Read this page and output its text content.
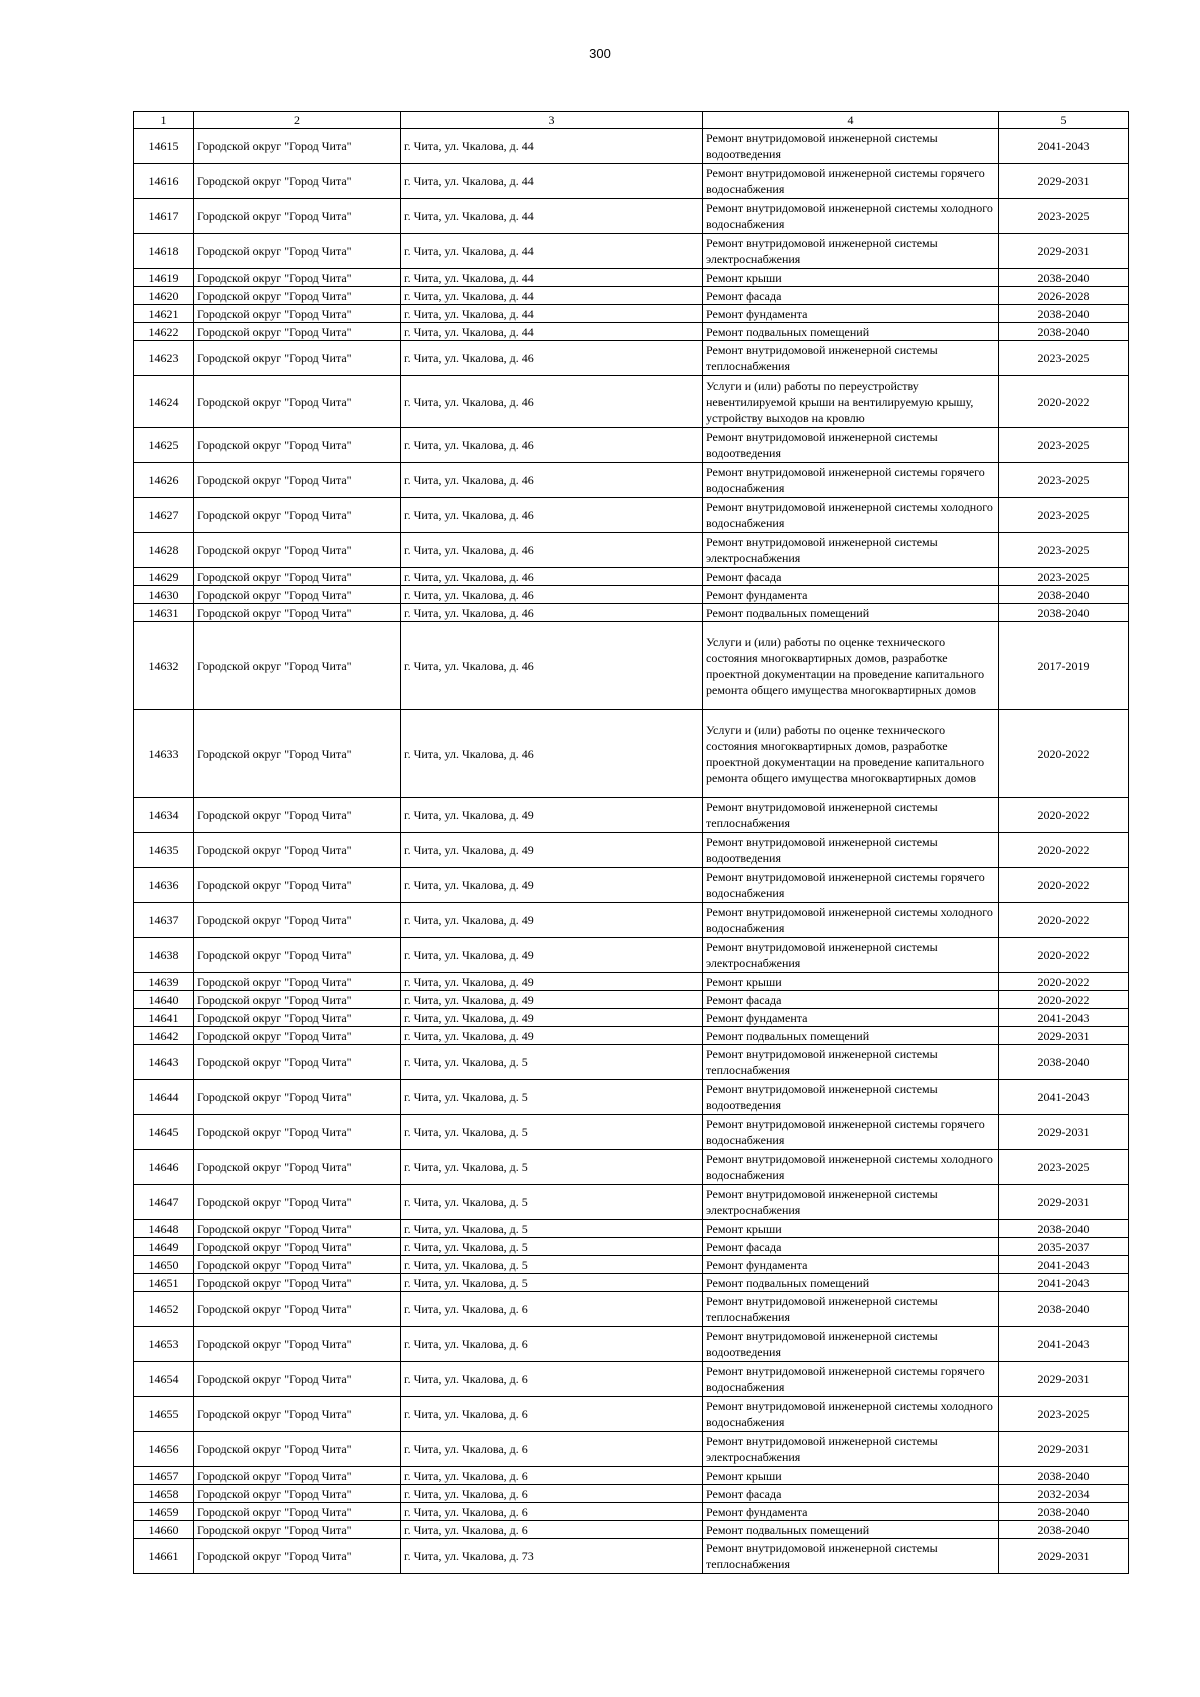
300
1	2	3	4	5
14615	Городской округ "Город Чита"	г. Чита, ул. Чкалова, д. 44	Ремонт внутридомовой инженерной системы водоотведения	2041-2043
14616	Городской округ "Город Чита"	г. Чита, ул. Чкалова, д. 44	Ремонт внутридомовой инженерной системы горячего водоснабжения	2029-2031
14617	Городской округ "Город Чита"	г. Чита, ул. Чкалова, д. 44	Ремонт внутридомовой инженерной системы холодного водоснабжения	2023-2025
14618	Городской округ "Город Чита"	г. Чита, ул. Чкалова, д. 44	Ремонт внутридомовой инженерной системы электроснабжения	2029-2031
14619	Городской округ "Город Чита"	г. Чита, ул. Чкалова, д. 44	Ремонт крыши	2038-2040
14620	Городской округ "Город Чита"	г. Чита, ул. Чкалова, д. 44	Ремонт фасада	2026-2028
14621	Городской округ "Город Чита"	г. Чита, ул. Чкалова, д. 44	Ремонт фундамента	2038-2040
14622	Городской округ "Город Чита"	г. Чита, ул. Чкалова, д. 44	Ремонт подвальных помещений	2038-2040
14623	Городской округ "Город Чита"	г. Чита, ул. Чкалова, д. 46	Ремонт внутридомовой инженерной системы теплоснабжения	2023-2025
14624	Городской округ "Город Чита"	г. Чита, ул. Чкалова, д. 46	Услуги и (или) работы по переустройству невентилируемой крыши на вентилируемую крышу, устройству выходов на кровлю	2020-2022
14625	Городской округ "Город Чита"	г. Чита, ул. Чкалова, д. 46	Ремонт внутридомовой инженерной системы водоотведения	2023-2025
14626	Городской округ "Город Чита"	г. Чита, ул. Чкалова, д. 46	Ремонт внутридомовой инженерной системы горячего водоснабжения	2023-2025
14627	Городской округ "Город Чита"	г. Чита, ул. Чкалова, д. 46	Ремонт внутридомовой инженерной системы холодного водоснабжения	2023-2025
14628	Городской округ "Город Чита"	г. Чита, ул. Чкалова, д. 46	Ремонт внутридомовой инженерной системы электроснабжения	2023-2025
14629	Городской округ "Город Чита"	г. Чита, ул. Чкалова, д. 46	Ремонт фасада	2023-2025
14630	Городской округ "Город Чита"	г. Чита, ул. Чкалова, д. 46	Ремонт фундамента	2038-2040
14631	Городской округ "Город Чита"	г. Чита, ул. Чкалова, д. 46	Ремонт подвальных помещений	2038-2040
14632	Городской округ "Город Чита"	г. Чита, ул. Чкалова, д. 46	Услуги и (или) работы по оценке технического состояния многоквартирных домов, разработке проектной документации на проведение капитального ремонта общего имущества многоквартирных домов	2017-2019
14633	Городской округ "Город Чита"	г. Чита, ул. Чкалова, д. 46	Услуги и (или) работы по оценке технического состояния многоквартирных домов, разработке проектной документации на проведение капитального ремонта общего имущества многоквартирных домов	2020-2022
14634	Городской округ "Город Чита"	г. Чита, ул. Чкалова, д. 49	Ремонт внутридомовой инженерной системы теплоснабжения	2020-2022
14635	Городской округ "Город Чита"	г. Чита, ул. Чкалова, д. 49	Ремонт внутридомовой инженерной системы водоотведения	2020-2022
14636	Городской округ "Город Чита"	г. Чита, ул. Чкалова, д. 49	Ремонт внутридомовой инженерной системы горячего водоснабжения	2020-2022
14637	Городской округ "Город Чита"	г. Чита, ул. Чкалова, д. 49	Ремонт внутридомовой инженерной системы холодного водоснабжения	2020-2022
14638	Городской округ "Город Чита"	г. Чита, ул. Чкалова, д. 49	Ремонт внутридомовой инженерной системы электроснабжения	2020-2022
14639	Городской округ "Город Чита"	г. Чита, ул. Чкалова, д. 49	Ремонт крыши	2020-2022
14640	Городской округ "Город Чита"	г. Чита, ул. Чкалова, д. 49	Ремонт фасада	2020-2022
14641	Городской округ "Город Чита"	г. Чита, ул. Чкалова, д. 49	Ремонт фундамента	2041-2043
14642	Городской округ "Город Чита"	г. Чита, ул. Чкалова, д. 49	Ремонт подвальных помещений	2029-2031
14643	Городской округ "Город Чита"	г. Чита, ул. Чкалова, д. 5	Ремонт внутридомовой инженерной системы теплоснабжения	2038-2040
14644	Городской округ "Город Чита"	г. Чита, ул. Чкалова, д. 5	Ремонт внутридомовой инженерной системы водоотведения	2041-2043
14645	Городской округ "Город Чита"	г. Чита, ул. Чкалова, д. 5	Ремонт внутридомовой инженерной системы горячего водоснабжения	2029-2031
14646	Городской округ "Город Чита"	г. Чита, ул. Чкалова, д. 5	Ремонт внутридомовой инженерной системы холодного водоснабжения	2023-2025
14647	Городской округ "Город Чита"	г. Чита, ул. Чкалова, д. 5	Ремонт внутридомовой инженерной системы электроснабжения	2029-2031
14648	Городской округ "Город Чита"	г. Чита, ул. Чкалова, д. 5	Ремонт крыши	2038-2040
14649	Городской округ "Город Чита"	г. Чита, ул. Чкалова, д. 5	Ремонт фасада	2035-2037
14650	Городской округ "Город Чита"	г. Чита, ул. Чкалова, д. 5	Ремонт фундамента	2041-2043
14651	Городской округ "Город Чита"	г. Чита, ул. Чкалова, д. 5	Ремонт подвальных помещений	2041-2043
14652	Городской округ "Город Чита"	г. Чита, ул. Чкалова, д. 6	Ремонт внутридомовой инженерной системы теплоснабжения	2038-2040
14653	Городской округ "Город Чита"	г. Чита, ул. Чкалова, д. 6	Ремонт внутридомовой инженерной системы водоотведения	2041-2043
14654	Городской округ "Город Чита"	г. Чита, ул. Чкалова, д. 6	Ремонт внутридомовой инженерной системы горячего водоснабжения	2029-2031
14655	Городской округ "Город Чита"	г. Чита, ул. Чкалова, д. 6	Ремонт внутридомовой инженерной системы холодного водоснабжения	2023-2025
14656	Городской округ "Город Чита"	г. Чита, ул. Чкалова, д. 6	Ремонт внутридомовой инженерной системы электроснабжения	2029-2031
14657	Городской округ "Город Чита"	г. Чита, ул. Чкалова, д. 6	Ремонт крыши	2038-2040
14658	Городской округ "Город Чита"	г. Чита, ул. Чкалова, д. 6	Ремонт фасада	2032-2034
14659	Городской округ "Город Чита"	г. Чита, ул. Чкалова, д. 6	Ремонт фундамента	2038-2040
14660	Городской округ "Город Чита"	г. Чита, ул. Чкалова, д. 6	Ремонт подвальных помещений	2038-2040
14661	Городской округ "Город Чита"	г. Чита, ул. Чкалова, д. 73	Ремонт внутридомовой инженерной системы теплоснабжения	2029-2031
